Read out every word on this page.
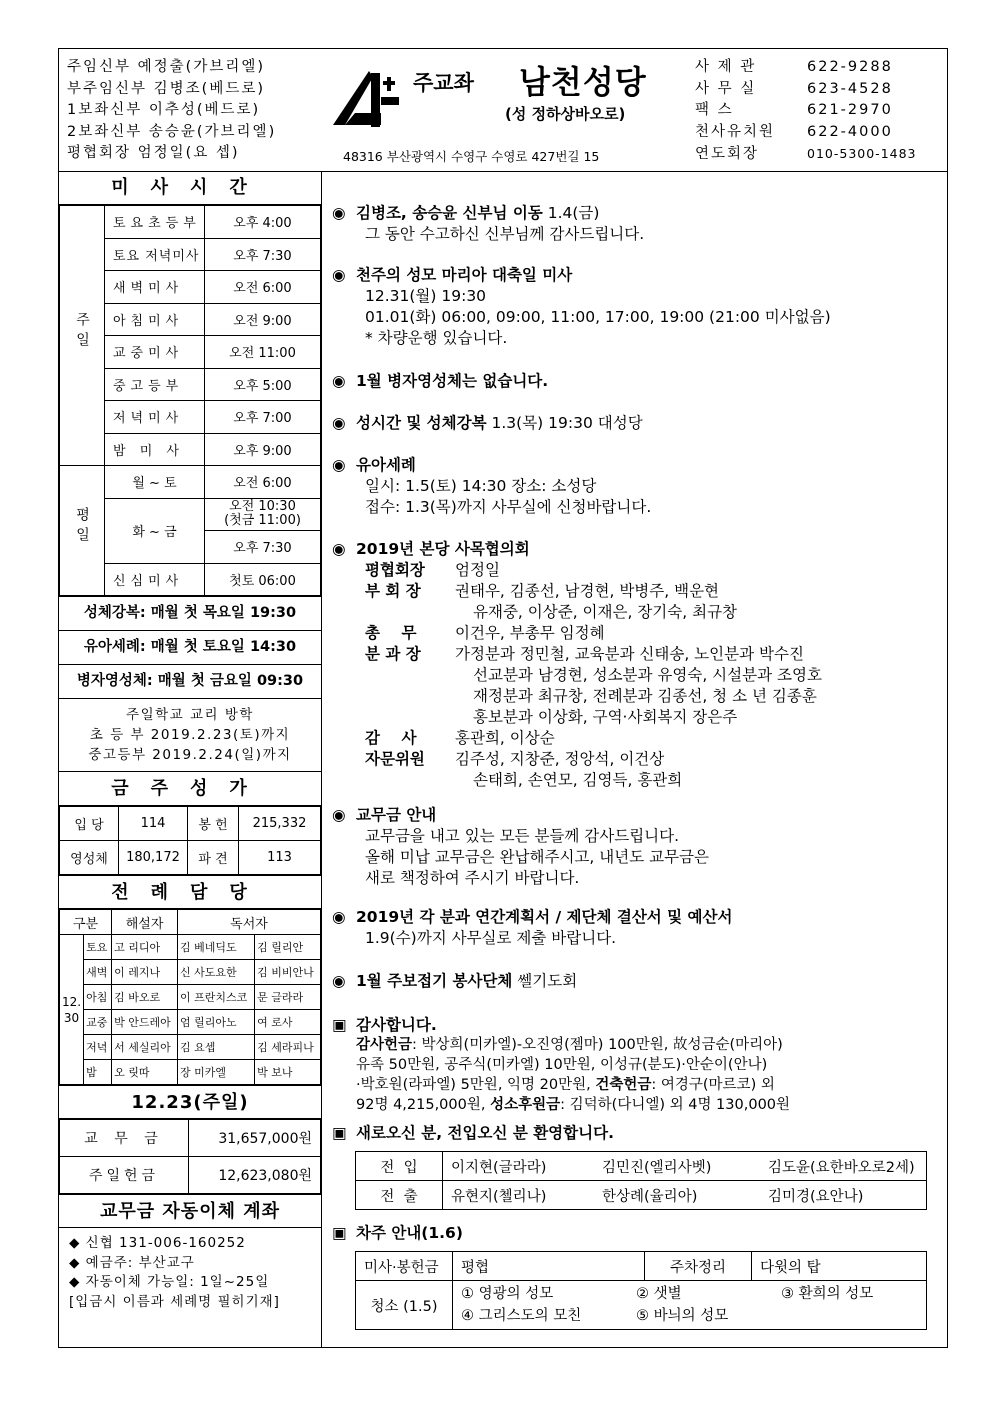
주임신부 예정출(가브리엘)
부주임신부 김병조(베드로)
1보좌신부 이추성(베드로)
2보좌신부 송승윤(가브리엘)
평협회장 엄정일(요 셉)
주교좌 남천성당
(성 정하상바오로)
48316 부산광역시 수영구 수영로 427번길 15
사 제 관	622-9288
사 무 실	623-4528
팩 스	621-2970
천사유치원 622-4000
연도회장	010-5300-1483
미사시간
주일	토요초등부	오후 4:00
	토요 저녁미사	오후 7:30
	새벽미사	오전 6:00
	아침미사	오전 9:00
	교중미사	오전 11:00
	중고등부	오후 5:00
	저녁미사	오후 7:00
	밤 미 사	오후 9:00
평일	월 ~ 토	오전 6:00
	화 ~ 금	오전 10:30
(첫금 11:00)

		오후 7:30
	신심미사	첫토 06:00
성체강복: 매월 첫 목요일 19:30
유아세례: 매월 첫 토요일 14:30
병자영성체: 매월 첫 금요일 09:30
주일학교 교리 방학
초 등 부 2019.2.23(토)까지
중고등부 2019.2.24(일)까지
금주성가
입 당	114	봉 헌	215,332
영성체	180,172	파 견	113
전례담당
구분		해설자	독서자	
12. 30	토요	고 리디아	김 베네딕도	김 릴리안
	새벽	이 레지나	신 사도요한	김 비비안나
	아침	김 바오로	이 프란치스코	문 글라라
	교중	박 안드레아	엄 릴리아노	여 로사
	저녁	서 세실리아	김 요셉	김 세라피나
	밤	오 릿따	장 미카엘	박 보나
12.23(주일)
교 무 금	31,657,000원
주일헌금	12,623,080원
교무금 자동이체 계좌
◆ 신협 131-006-160252
◆ 예금주: 부산교구
◆ 자동이체 가능일: 1일~25일
[입금시 이름과 세례명 필히기재]
◉ 김병조, 송승윤 신부님 이동 1.4(금)
그 동안 수고하신 신부님께 감사드립니다.
◉ 천주의 성모 마리아 대축일 미사
12.31(월) 19:30
01.01(화) 06:00, 09:00, 11:00, 17:00, 19:00 (21:00 미사없음)
* 차량운행 있습니다.
◉ 1월 병자영성체는 없습니다.
◉ 성시간 및 성체강복 1.3(목) 19:30 대성당
◉ 유아세례
일시: 1.5(토) 14:30 장소: 소성당
접수: 1.3(목)까지 사무실에 신청바랍니다.
◉ 2019년 본당 사목협의회
평협회장	엄정일
부 회 장	권태우, 김종선, 남경현, 박병주, 백운현
	유재중, 이상준, 이재은, 장기숙, 최규창
총    무	이건우, 부총무 임정혜
분 과 장	가정분과 정민철, 교육분과 신태송, 노인분과 박수진
	선교분과 남경현, 성소분과 유영숙, 시설분과 조영호
	재정분과 최규창, 전례분과 김종선, 청 소 년 김종훈
	홍보분과 이상화, 구역·사회복지 장은주
감    사	홍관희, 이상순
자문위원	김주성, 지창준, 정앙석, 이건상
	손태희, 손연모, 김영득, 홍관희
◉ 교무금 안내
교무금을 내고 있는 모든 분들께 감사드립니다.
올해 미납 교무금은 완납해주시고, 내년도 교무금은
새로 책정하여 주시기 바랍니다.
◉ 2019년 각 분과 연간계획서 / 제단체 결산서 및 예산서
1.9(수)까지 사무실로 제출 바랍니다.
◉ 1월 주보접기 봉사단체 쎌기도회
▣ 감사합니다.
감사헌금: 박상희(미카엘)-오진영(젬마) 100만원, 故성금순(마리아)
유족 50만원, 공주식(미카엘) 10만원, 이성규(분도)·안순이(안나)
·박호원(라파엘) 5만원, 익명 20만원, 건축헌금: 여경구(마르코) 외
92명 4,215,000원, 성소후원금: 김덕하(다니엘) 외 4명 130,000원
▣ 새로오신 분, 전입오신 분 환영합니다.
전  입	이지현(글라라)	김민진(엘리사벳)	김도윤(요한바오로2세)
전  출	유현지(첼리나)	한상례(율리아)	김미경(요안나)
▣ 차주 안내(1.6)
미사·봉헌금	평협	주차정리	다윗의 탑
청소 (1.5)	① 영광의 성모 ② 샛별 ③ 환희의 성모
④ 그리스도의 모친 ⑤ 바늬의 성모		
